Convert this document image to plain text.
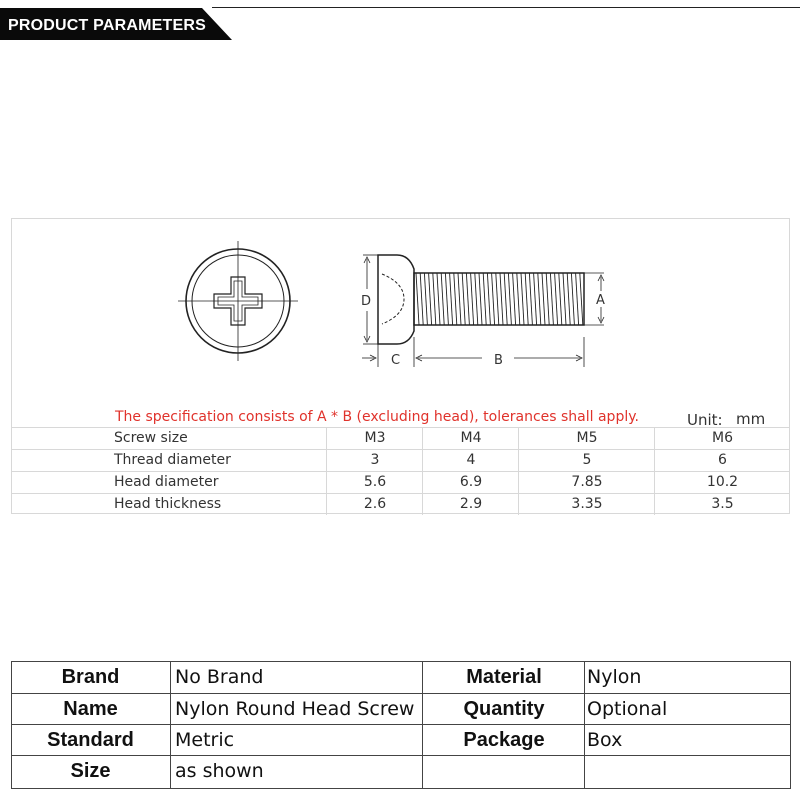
PRODUCT PARAMETERS
D	A
C	B
The specification consists of A * B (excluding head), tolerances shall apply.	Unit: mm
Screw size	M3	M4	M5	M6
Thread diameter	3	4	5	6
Head diameter	5.6	6.9	7.85	10.2
Head thickness	2.6	2.9	3.35	3.5
Brand	No Brand	Material	Nylon
Name	Nylon Round Head Screw	Quantity	Optional
Standard	Metric	Package	Box
Size	as shown
